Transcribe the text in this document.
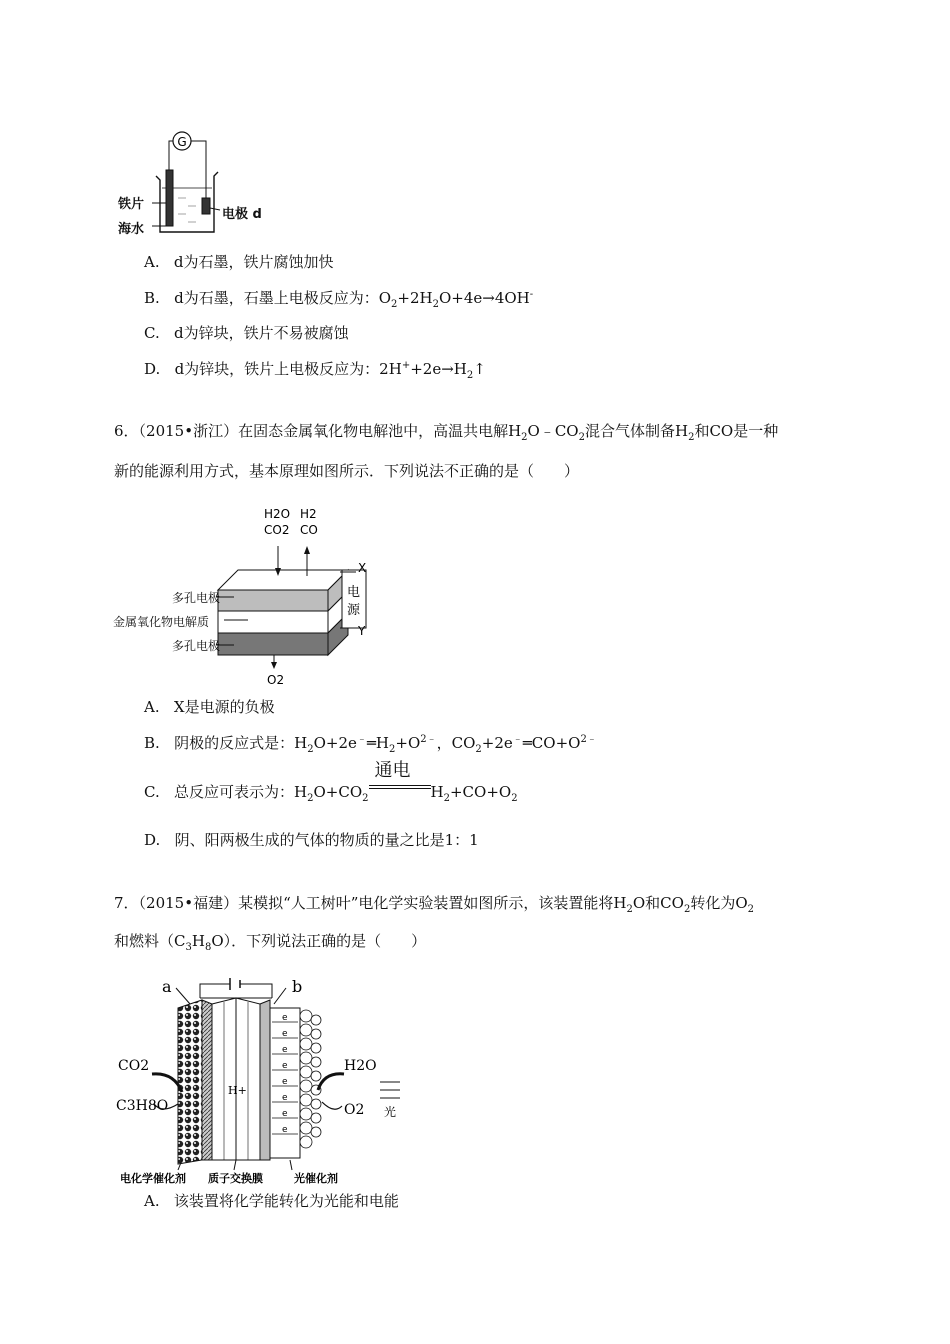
G
铁片
海水
电极 d
A. d为石墨，铁片腐蚀加快
B. d为石墨，石墨上电极反应为：$O_2+2H_2O+4e\to 4OH^-$
C. d为锌块，铁片不易被腐蚀
D. d为锌块，铁片上电极反应为：$2H^++2e\to H_2↑$
6．（2015•浙江）在固态金属氧化物电解池中，高温共电解$H_2O﹣CO_2$混合气体制备$H_2$和CO是一种
新的能源利用方式，基本原理如图所示．下列说法不正确的是（　　）
H2O
CO2
H2
CO
X
Y
电
源
O2
多孔电极
金属氧化物电解质
多孔电极
A. X是电源的负极
B. 阴极的反应式是：$H_2O+2e^﹣═H_2+O^{2﹣}$，$CO_2+2e^﹣═CO+O^{2﹣}$
C. 总反应可表示为：$H_2O+CO_2$
通电
$H_2+CO+O_2$
D. 阴、阳两极生成的气体的物质的量之比是1：1
7．（2015•福建）某模拟“人工树叶”电化学实验装置如图所示，该装置能将$H_2O$和$CO_2$转化为$O_2$
和燃料$(C_3H_8O)$．下列说法正确的是（　　）
e
e
e
e
e
e
e
e
a	b
CO2
C3H8O
H2O
O2 光
H+
电化学催化剂 质子交换膜	光催化剂
A. 该装置将化学能转化为光能和电能
